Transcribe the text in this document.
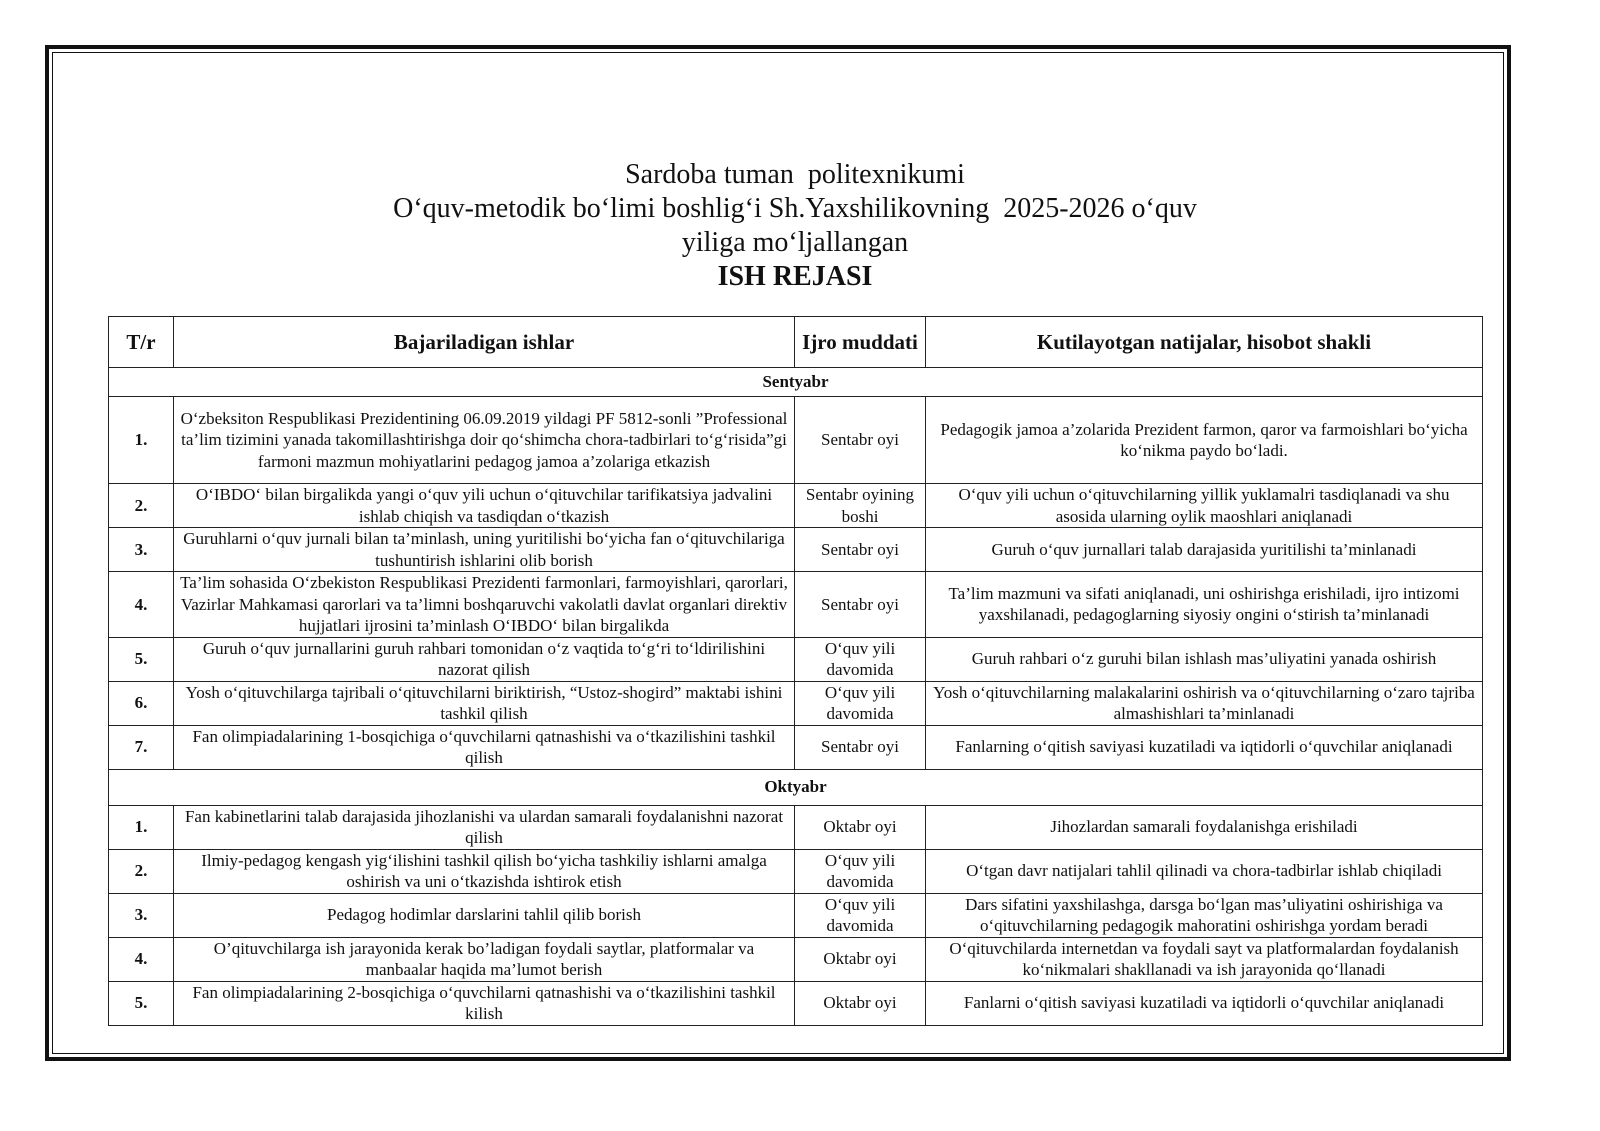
Sardoba tuman  politexnikumi
O‘quv-metodik bo‘limi boshlig‘i Sh.Yaxshilikovning  2025-2026 o‘quv
yiliga mo‘ljallangan
ISH REJASI
T/r	Bajariladigan ishlar	Ijro muddati	Kutilayotgan natijalar, hisobot shakli
Sentyabr			
1.	O‘zbeksiton Respublikasi Prezidentining 06.09.2019 yildagi PF 5812-sonli ”Professional ta’lim tizimini yanada takomillashtirishga doir qo‘shimcha chora-tadbirlari to‘g‘risida”gi farmoni mazmun mohiyatlarini pedagog jamoa a’zolariga etkazish	Sentabr oyi	Pedagogik jamoa a’zolarida Prezident farmon, qaror va farmoishlari bo‘yicha ko‘nikma paydo bo‘ladi.
2.	O‘IBDO‘ bilan birgalikda yangi o‘quv yili uchun o‘qituvchilar tarifikatsiya jadvalini ishlab chiqish va tasdiqdan o‘tkazish	Sentabr oyining boshi	O‘quv yili uchun o‘qituvchilarning yillik yuklamalri tasdiqlanadi va shu asosida ularning oylik maoshlari aniqlanadi
3.	Guruhlarni o‘quv jurnali bilan ta’minlash, uning yuritilishi bo‘yicha fan o‘qituvchilariga tushuntirish ishlarini olib borish	Sentabr oyi	Guruh o‘quv jurnallari talab darajasida yuritilishi ta’minlanadi
4.	Ta’lim sohasida O‘zbekiston Respublikasi Prezidenti farmonlari, farmoyishlari, qarorlari, Vazirlar Mahkamasi qarorlari va ta’limni boshqaruvchi vakolatli davlat organlari direktiv hujjatlari ijrosini ta’minlash O‘IBDO‘ bilan birgalikda	Sentabr oyi	Ta’lim mazmuni va sifati aniqlanadi, uni oshirishga erishiladi, ijro intizomi yaxshilanadi, pedagoglarning siyosiy ongini o‘stirish ta’minlanadi
5.	Guruh o‘quv jurnallarini guruh rahbari tomonidan o‘z vaqtida to‘g‘ri to‘ldirilishini nazorat qilish	O‘quv yili davomida	Guruh rahbari o‘z guruhi bilan ishlash mas’uliyatini yanada oshirish
6.	Yosh o‘qituvchilarga tajribali o‘qituvchilarni biriktirish, “Ustoz-shogird” maktabi ishini tashkil qilish	O‘quv yili davomida	Yosh o‘qituvchilarning malakalarini oshirish va o‘qituvchilarning o‘zaro tajriba almashishlari ta’minlanadi
7.	Fan olimpiadalarining 1-bosqichiga o‘quvchilarni qatnashishi va o‘tkazilishini tashkil qilish	Sentabr oyi	Fanlarning o‘qitish saviyasi kuzatiladi va iqtidorli o‘quvchilar aniqlanadi
Oktyabr			
1.	Fan kabinetlarini talab darajasida jihozlanishi va ulardan samarali foydalanishni nazorat qilish	Oktabr oyi	Jihozlardan samarali foydalanishga erishiladi
2.	Ilmiy-pedagog kengash yig‘ilishini tashkil qilish bo‘yicha tashkiliy ishlarni amalga oshirish va uni o‘tkazishda ishtirok etish	O‘quv yili davomida	O‘tgan davr natijalari tahlil qilinadi va chora-tadbirlar ishlab chiqiladi
3.	Pedagog hodimlar darslarini tahlil qilib borish	O‘quv yili davomida	Dars sifatini yaxshilashga, darsga bo‘lgan mas’uliyatini oshirishiga va o‘qituvchilarning pedagogik mahoratini oshirishga yordam beradi
4.	O’qituvchilarga ish jarayonida kerak bo’ladigan foydali saytlar, platformalar va manbaalar haqida ma’lumot berish	Oktabr oyi	O‘qituvchilarda internetdan va foydali sayt va platformalardan foydalanish ko‘nikmalari shakllanadi va ish jarayonida qo‘llanadi
5.	Fan olimpiadalarining 2-bosqichiga o‘quvchilarni qatnashishi va o‘tkazilishini tashkil kilish	Oktabr oyi	Fanlarni o‘qitish saviyasi kuzatiladi va iqtidorli o‘quvchilar aniqlanadi
